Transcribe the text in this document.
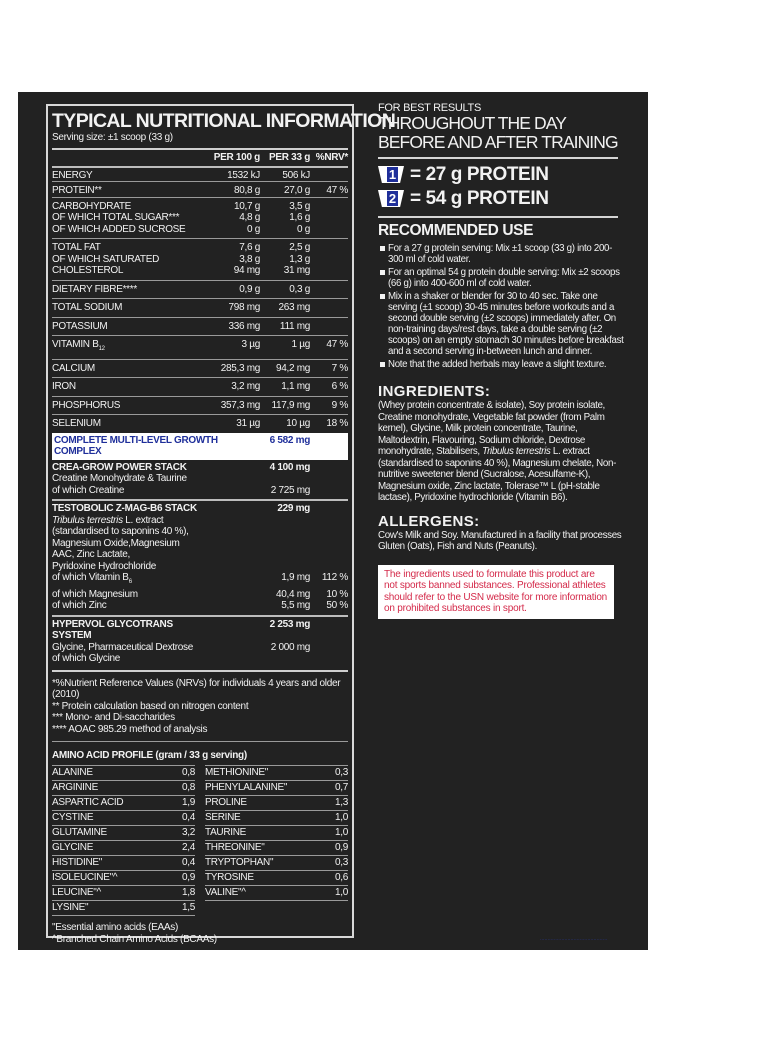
TYPICAL NUTRITIONAL INFORMATION
Serving size: ±1 scoop (33 g)
	PER 100 g	PER 33 g	%NRV*
ENERGY	1532 kJ	506 kJ	
PROTEIN**	80,8 g	27,0 g	47 %
CARBOHYDRATE	10,7 g	3,5 g	
OF WHICH TOTAL SUGAR***	4,8 g	1,6 g	
OF WHICH ADDED SUCROSE	0 g	0 g	
TOTAL FAT	7,6 g	2,5 g	
OF WHICH SATURATED	3,8 g	1,3 g	
CHOLESTEROL	94 mg	31 mg	
DIETARY FIBRE****	0,9 g	0,3 g	
TOTAL SODIUM	798 mg	263 mg	
POTASSIUM	336 mg	111 mg	
VITAMIN $B_{12}$	3 µg	1 µg	47 %
CALCIUM	285,3 mg	94,2 mg	7 %
IRON	3,2 mg	1,1 mg	6 %
PHOSPHORUS	357,3 mg	117,9 mg	9 %
SELENIUM	31 µg	10 µg	18 %
COMPLETE MULTI-LEVEL GROWTH COMPLEX		6 582 mg	
CREA-GROW POWER STACK		4 100 mg	
Creatine Monohydrate & Taurine			
of which Creatine		2 725 mg	
TESTOBOLIC Z-MAG-B6 STACK		229 mg	
Tribulus terrestris L. extract			
(standardised to saponins 40 %),			
Magnesium Oxide,Magnesium			
AAC, Zinc Lactate,			
Pyridoxine Hydrochloride			
of which Vitamin $B_6$		1,9 mg	112 %
of which Magnesium		40,4 mg	10 %
of which Zinc		5,5 mg	50 %
HYPERVOL GLYCOTRANS		2 253 mg	
SYSTEM			
Glycine, Pharmaceutical Dextrose		2 000 mg	
of which Glycine			
*%Nutrient Reference Values (NRVs) for individuals 4 years and older (2010)
** Protein calculation based on nitrogen content
*** Mono- and Di-saccharides
**** AOAC 985.29 method of analysis
AMINO ACID PROFILE (gram / 33 g serving)
ALANINE	0,8
ARGININE	0,8
ASPARTIC ACID	1,9
CYSTINE	0,4
GLUTAMINE	3,2
GLYCINE	2,4
HISTIDINE"	0,4
ISOLEUCINE"^	0,9
LEUCINE"^	1,8
LYSINE"	1,5
METHIONINE"	0,3
PHENYLALANINE"	0,7
PROLINE	1,3
SERINE	1,0
TAURINE	1,0
THREONINE"	0,9
TRYPTOPHAN"	0,3
TYROSINE	0,6
VALINE"^	1,0
"Essential amino acids (EAAs)
^Branched Chain Amino Acids (BCAAs)
FOR BEST RESULTS
THROUGHOUT THE DAY
BEFORE AND AFTER TRAINING
1 = 27 g PROTEIN
2 = 54 g PROTEIN
RECOMMENDED USE
For a 27 g protein serving: Mix ±1 scoop (33 g) into 200-300 ml of cold water.
For an optimal 54 g protein double serving: Mix ±2 scoops (66 g) into 400-600 ml of cold water.
Mix in a shaker or blender for 30 to 40 sec. Take one serving (±1 scoop) 30-45 minutes before workouts and a second double serving (±2 scoops) immediately after. On non-training days/rest days, take a double serving (±2 scoops) on an empty stomach 30 minutes before breakfast and a second serving in-between lunch and dinner.
Note that the added herbals may leave a slight texture.
INGREDIENTS:
(Whey protein concentrate & isolate), Soy protein isolate, Creatine monohydrate, Vegetable fat powder (from Palm kernel), Glycine, Milk protein concentrate, Taurine, Maltodextrin, Flavouring, Sodium chloride, Dextrose monohydrate, Stabilisers, Tribulus terrestris L. extract (standardised to saponins 40 %), Magnesium chelate, Non-nutritive sweetener blend (Sucralose, Acesulfame-K), Magnesium oxide, Zinc lactate, Tolerase™ L (pH-stable lactase), Pyridoxine hydrochloride (Vitamin B6).
ALLERGENS:
Cow's Milk and Soy. Manufactured in a facility that processes Gluten (Oats), Fish and Nuts (Peanuts).
The ingredients used to formulate this product are not sports banned substances. Professional athletes should refer to the USN website for more information on prohibited substances in sport.
············································
